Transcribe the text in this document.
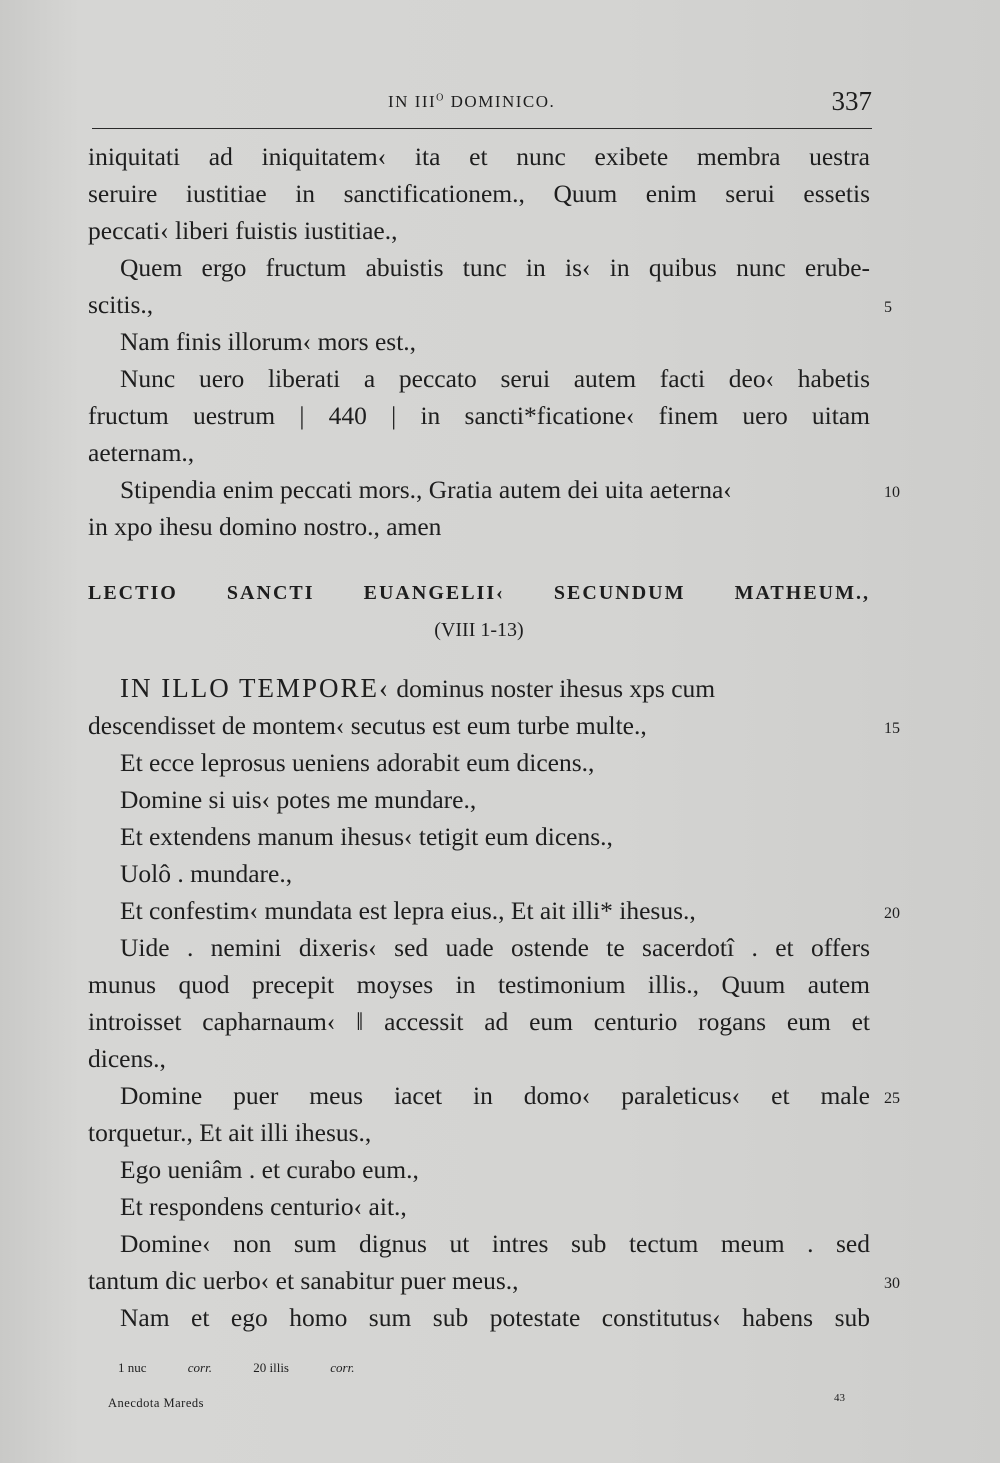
IN $III^O$ DOMINICO.	337
iniquitati ad iniquitatem‹ ita et nunc exibete membra uestra
seruire iustitiae in sanctificationem., Quum enim serui essetis
peccati‹ liberi fuistis iustitiae.,
Quem ergo fructum abuistis tunc in is‹ in quibus nunc erube-
scitis.,	5
Nam finis illorum‹ mors est.,
Nunc uero liberati a peccato serui autem facti deo‹ habetis
fructum uestrum | 440 | in sancti*ficatione‹ finem uero uitam
aeternam.,
Stipendia enim peccati mors., Gratia autem dei uita aeterna‹	10
in xpo ihesu domino nostro., amen
LECTIO SANCTI EUANGELII‹ SECUNDUM MATHEUM.,
(VIII 1-13)
IN ILLO TEMPORE‹ dominus noster ihesus xps cum
descendisset de montem‹ secutus est eum turbe multe.,	15
Et ecce leprosus ueniens adorabit eum dicens.,
Domine si uis‹ potes me mundare.,
Et extendens manum ihesus‹ tetigit eum dicens.,
Uolô . mundare.,
Et confestim‹ mundata est lepra eius., Et ait illi* ihesus.,	20
Uide . nemini dixeris‹ sed uade ostende te sacerdotî . et offers
munus quod precepit moyses in testimonium illis., Quum autem
introisset capharnaum‹ ‖ accessit ad eum centurio rogans eum et
dicens.,
Domine puer meus iacet in domo‹ paraleticus‹ et male 25
torquetur., Et ait illi ihesus.,
Ego ueniâm . et curabo eum.,
Et respondens centurio‹ ait.,
Domine‹ non sum dignus ut intres sub tectum meum . sed
tantum dic uerbo‹ et sanabitur puer meus.,	30
Nam et ego homo sum sub potestate constitutus‹ habens sub
1 nuc	corr.	20 illis	corr.
Anecdota Mareds	43
